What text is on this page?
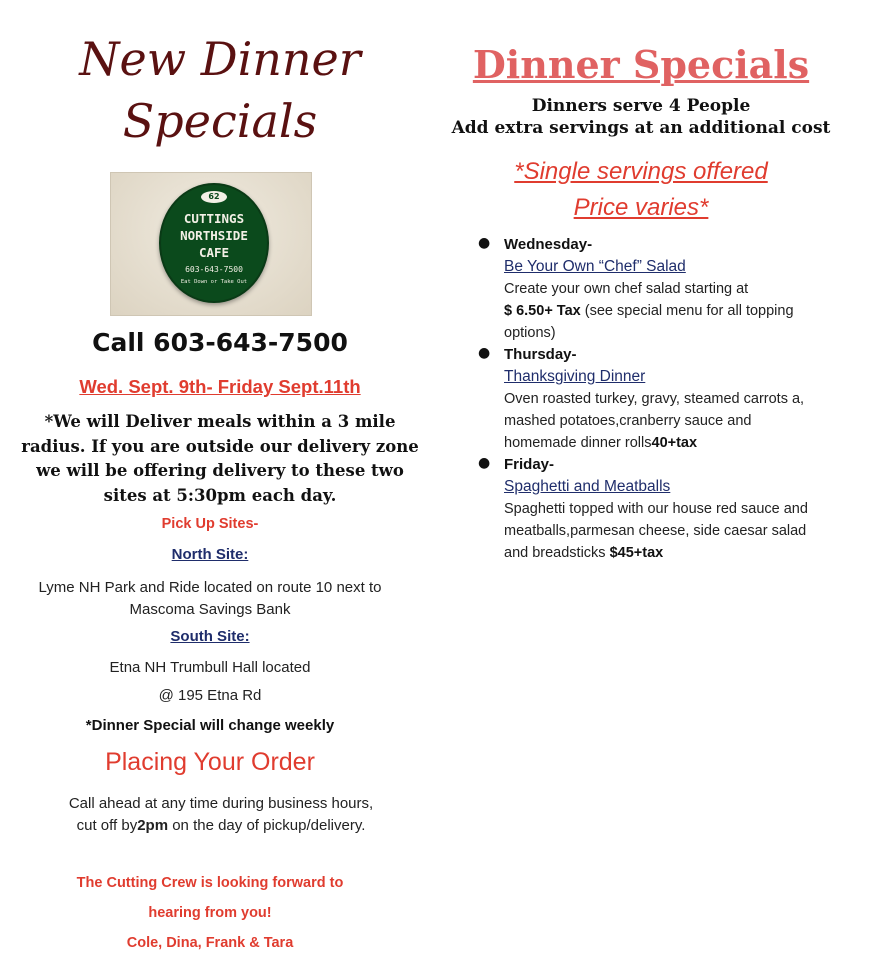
New Dinner
Specials
62
CUTTINGS
NORTHSIDE
CAFE
603-643-7500
Eat Down or Take Out
Call 603-643-7500
Wed. Sept. 9th- Friday Sept.11th
*We will Deliver meals within a 3 mile
radius. If you are outside our delivery zone
we will be offering delivery to these two
sites at 5:30pm each day.
Pick Up Sites-
North Site:
Lyme NH Park and Ride located on route 10 next to
Mascoma Savings Bank
South Site:
Etna NH Trumbull Hall located
@ 195 Etna Rd
*Dinner Special will change weekly
Placing Your Order
Call ahead at any time during business hours,
cut off by2pm on the day of pickup/delivery.
The Cutting Crew is looking forward to
hearing from you!
Cole, Dina, Frank & Tara
Dinner Specials
Dinners serve 4 People
Add extra servings at an additional cost
*Single servings offered
Price varies*
● Wednesday-
Be Your Own “Chef” Salad
Create your own chef salad starting at
$ 6.50+ Tax (see special menu for all topping options)
● Thursday-
Thanksgiving Dinner
Oven roasted turkey, gravy, steamed carrots a, mashed potatoes,cranberry sauce and homemade dinner rolls40+tax
● Friday-
Spaghetti and Meatballs
Spaghetti topped with our house red sauce and meatballs,parmesan cheese, side caesar salad and breadsticks $45+tax
